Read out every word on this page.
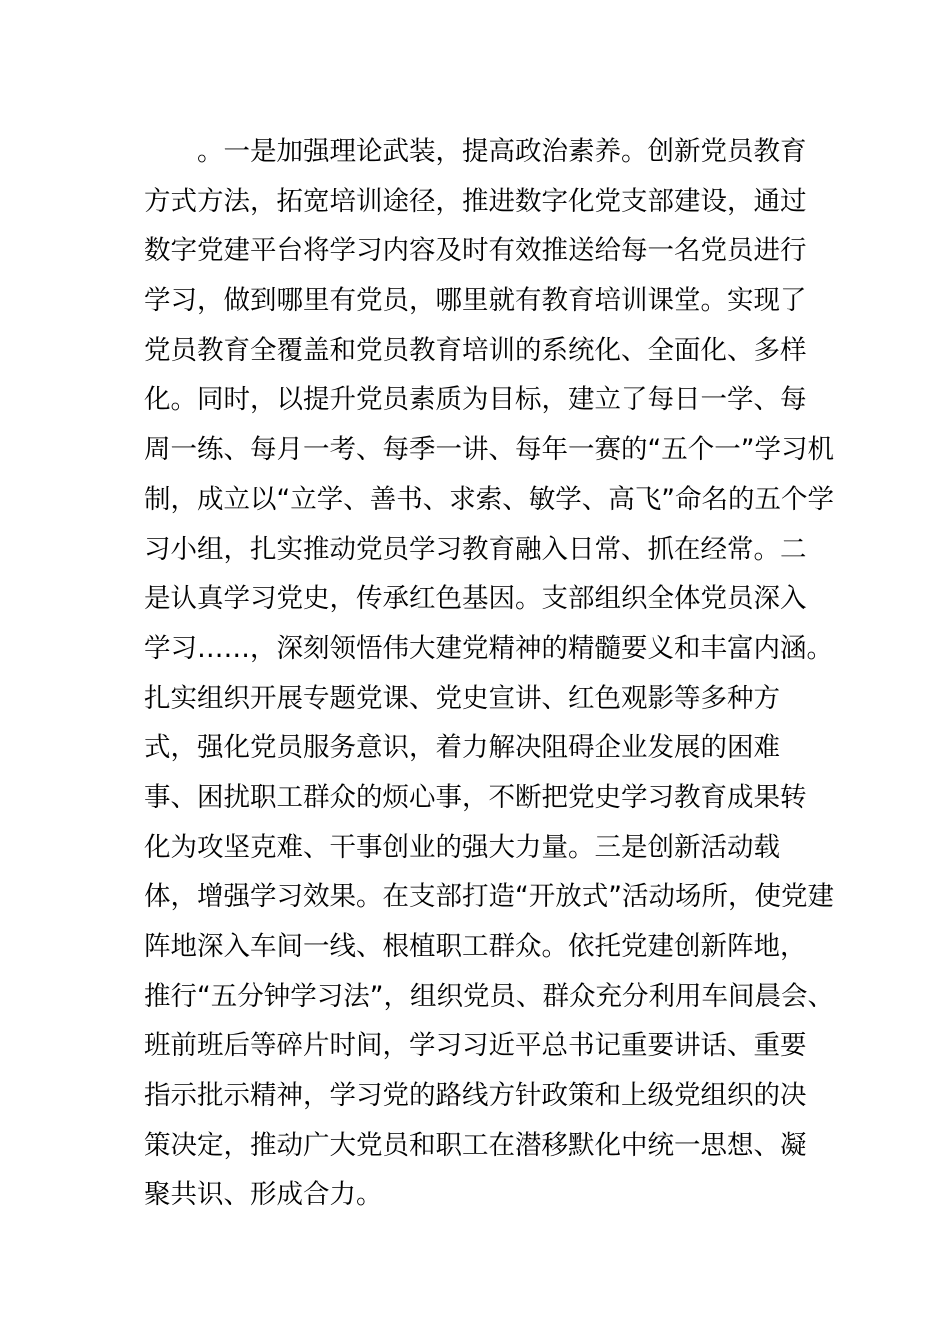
。一是加强理论武装，提高政治素养。创新党员教育
方式方法，拓宽培训途径，推进数字化党支部建设，通过
数字党建平台将学习内容及时有效推送给每一名党员进行
学习，做到哪里有党员，哪里就有教育培训课堂。实现了
党员教育全覆盖和党员教育培训的系统化、全面化、多样
化。同时，以提升党员素质为目标，建立了每日一学、每
周一练、每月一考、每季一讲、每年一赛的“五个一”学习机
制，成立以“立学、善书、求索、敏学、高飞”命名的五个学
习小组，扎实推动党员学习教育融入日常、抓在经常。二
是认真学习党史，传承红色基因。支部组织全体党员深入
学习……，深刻领悟伟大建党精神的精髓要义和丰富内涵。
扎实组织开展专题党课、党史宣讲、红色观影等多种方
式，强化党员服务意识，着力解决阻碍企业发展的困难
事、困扰职工群众的烦心事，不断把党史学习教育成果转
化为攻坚克难、干事创业的强大力量。三是创新活动载
体，增强学习效果。在支部打造“开放式”活动场所，使党建
阵地深入车间一线、根植职工群众。依托党建创新阵地，
推行“五分钟学习法”，组织党员、群众充分利用车间晨会、
班前班后等碎片时间，学习习近平总书记重要讲话、重要
指示批示精神，学习党的路线方针政策和上级党组织的决
策决定，推动广大党员和职工在潜移默化中统一思想、凝
聚共识、形成合力。
